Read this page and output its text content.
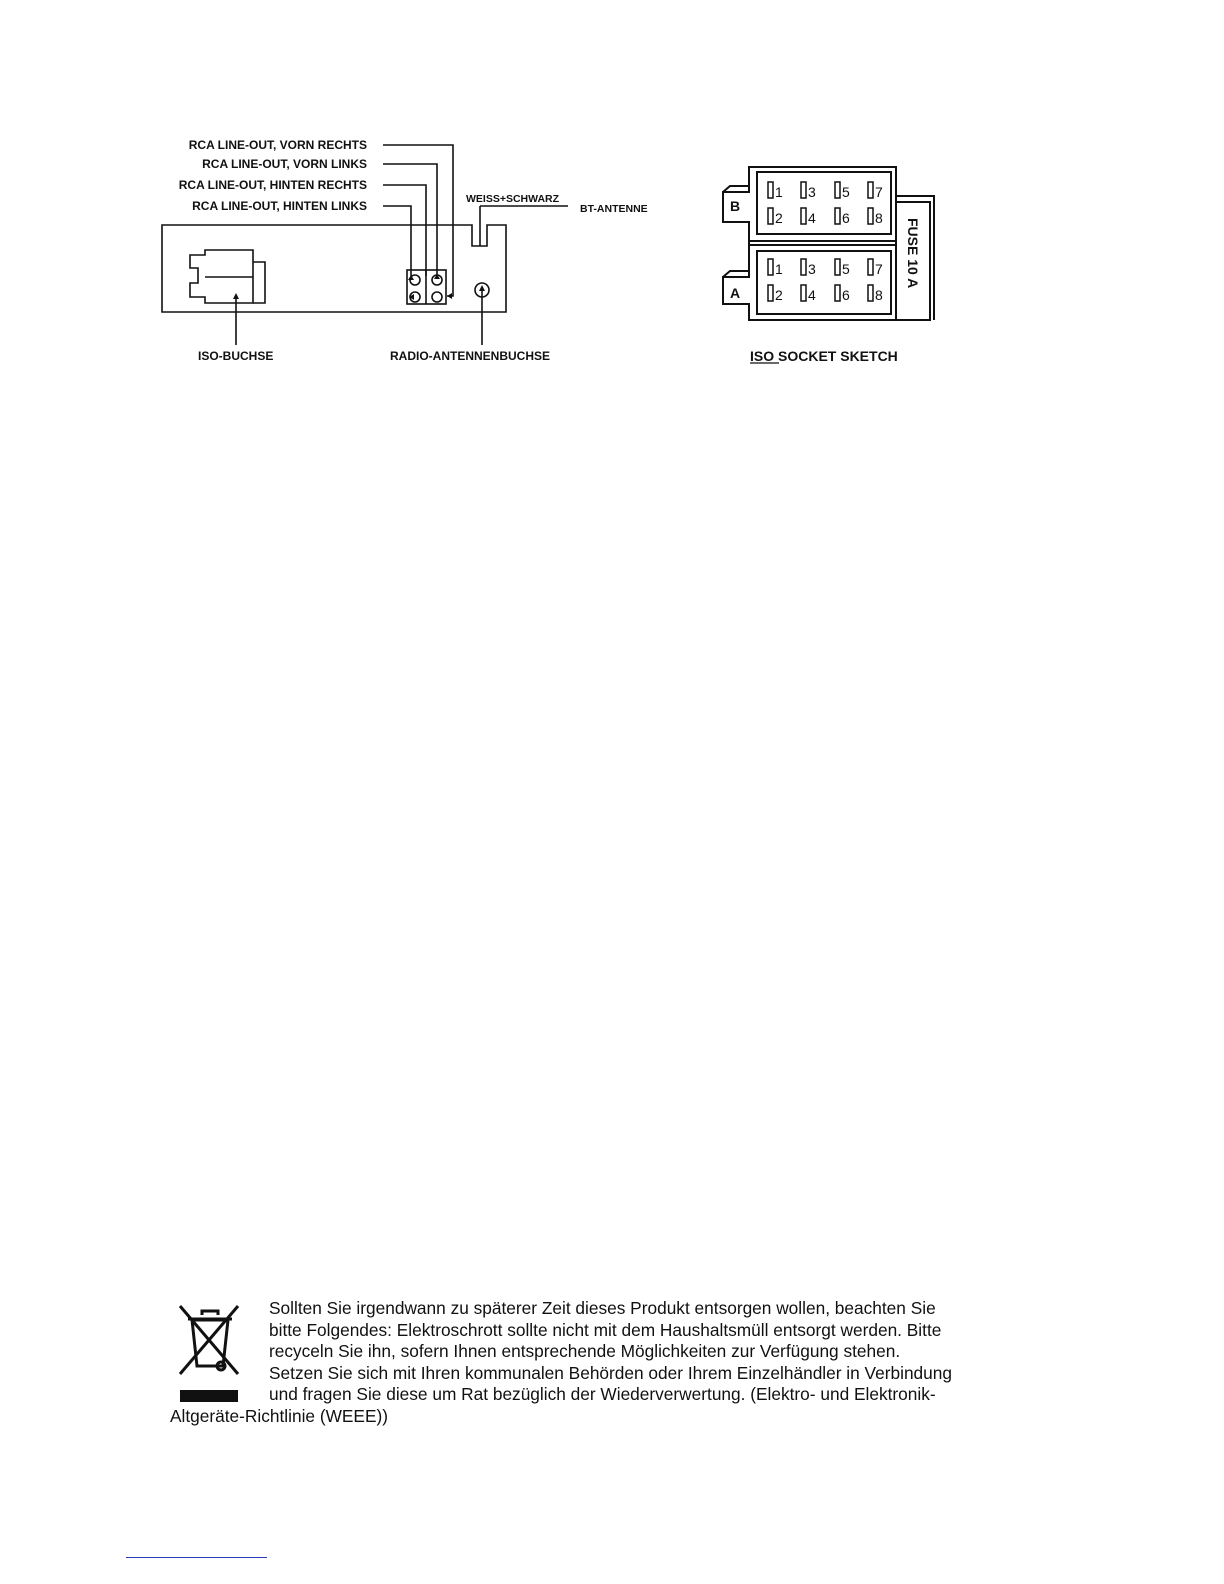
RCA LINE-OUT, VORN RECHTS
RCA LINE-OUT, VORN LINKS
RCA LINE-OUT, HINTEN RECHTS
RCA LINE-OUT, HINTEN LINKS	WEISS+SCHWARZ
BT-ANTENNE
ISO-BUCHSE	RADIO-ANTENNENBUCHSE
1 3 5 7
2 4 6 8
1 3 5 7
2 4 6 8
B
A
FUSE 10 A
ISO SOCKET SKETCH

Sollten Sie irgendwann zu späterer Zeit dieses Produkt entsorgen wollen, beachten Sie

bitte Folgendes: Elektroschrott sollte nicht mit dem Haushaltsmüll entsorgt werden. Bitte

recyceln Sie ihn, sofern Ihnen entsprechende Möglichkeiten zur Verfügung stehen.

Setzen Sie sich mit Ihren kommunalen Behörden oder Ihrem Einzelhändler in Verbindung

und fragen Sie diese um Rat bezüglich der Wiederverwertung. (Elektro- und Elektronik-

Altgeräte-Richtlinie (WEEE))
